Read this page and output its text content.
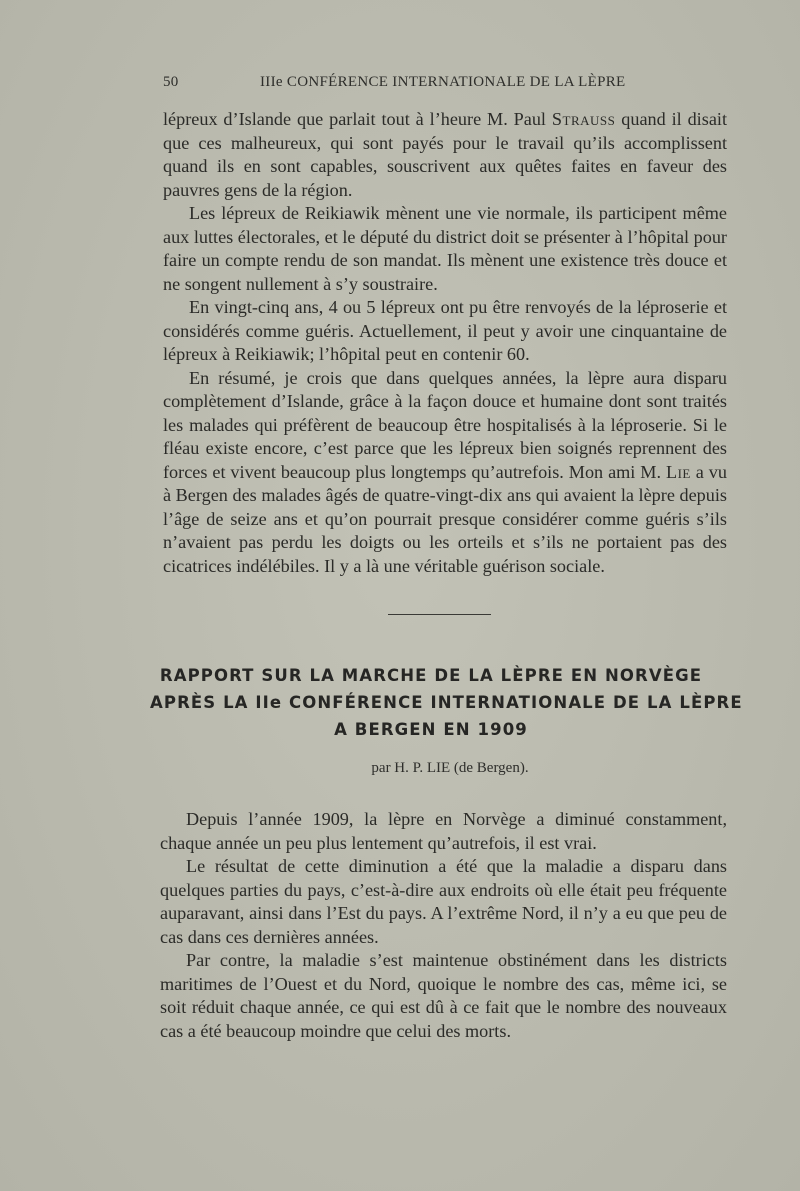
50	IIIe CONFÉRENCE INTERNATIONALE DE LA LÈPRE

lépreux d’Islande que parlait tout à l’heure M. Paul Strauss quand il disait que ces malheureux, qui sont payés pour le travail qu’ils accomplissent quand ils en sont capables, souscrivent aux quêtes faites en faveur des pauvres gens de la région.

Les lépreux de Reikiawik mènent une vie normale, ils participent même aux luttes électorales, et le député du district doit se présenter à l’hôpital pour faire un compte rendu de son mandat. Ils mènent une existence très douce et ne songent nullement à s’y soustraire.

En vingt-cinq ans, 4 ou 5 lépreux ont pu être renvoyés de la léproserie et considérés comme guéris. Actuellement, il peut y avoir une cinquantaine de lépreux à Reikiawik; l’hôpital peut en contenir 60.

En résumé, je crois que dans quelques années, la lèpre aura disparu complètement d’Islande, grâce à la façon douce et humaine dont sont traités les malades qui préfèrent de beaucoup être hospitalisés à la léproserie. Si le fléau existe encore, c’est parce que les lépreux bien soignés reprennent des forces et vivent beaucoup plus longtemps qu’autrefois. Mon ami M. Lie a vu à Bergen des malades âgés de quatre-vingt-dix ans qui avaient la lèpre depuis l’âge de seize ans et qu’on pourrait presque considérer comme guéris s’ils n’avaient pas perdu les doigts ou les orteils et s’ils ne portaient pas des cicatrices indélébiles. Il y a là une véritable guérison sociale.

RAPPORT SUR LA MARCHE DE LA LÈPRE EN NORVÈGE
APRÈS LA IIe CONFÉRENCE INTERNATIONALE DE LA LÈPRE
A BERGEN EN 1909
par H. P. LIE (de Bergen).

Depuis l’année 1909, la lèpre en Norvège a diminué constamment, chaque année un peu plus lentement qu’autrefois, il est vrai.

Le résultat de cette diminution a été que la maladie a disparu dans quelques parties du pays, c’est-à-dire aux endroits où elle était peu fréquente auparavant, ainsi dans l’Est du pays. A l’extrême Nord, il n’y a eu que peu de cas dans ces dernières années.

Par contre, la maladie s’est maintenue obstinément dans les districts maritimes de l’Ouest et du Nord, quoique le nombre des cas, même ici, se soit réduit chaque année, ce qui est dû à ce fait que le nombre des nouveaux cas a été beaucoup moindre que celui des morts.
